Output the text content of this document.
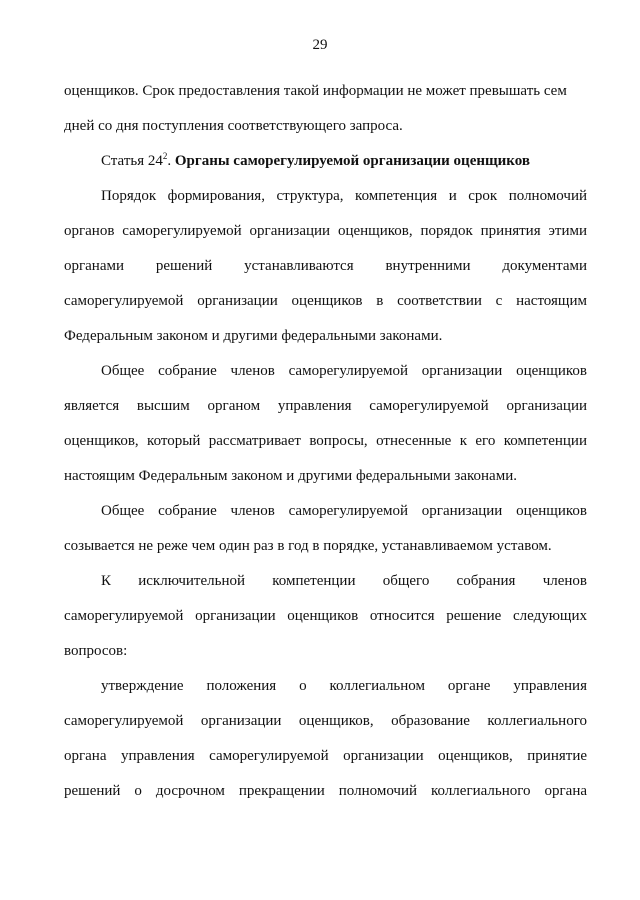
29
оценщиков. Срок предоставления такой информации не может превышать сем
дней со дня поступления соответствующего запроса.
Статья $24^2$. Органы саморегулируемой организации оценщиков
Порядок формирования, структура, компетенция и срок полномочий
органов саморегулируемой организации оценщиков, порядок принятия этими
органами решений устанавливаются внутренними документами
саморегулируемой организации оценщиков в соответствии с настоящим
Федеральным законом и другими федеральными законами.
Общее собрание членов саморегулируемой организации оценщиков
является высшим органом управления саморегулируемой организации
оценщиков, который рассматривает вопросы, отнесенные к его компетенции
настоящим Федеральным законом и другими федеральными законами.
Общее собрание членов саморегулируемой организации оценщиков
созывается не реже чем один раз в год в порядке, устанавливаемом уставом.
К исключительной компетенции общего собрания членов
саморегулируемой организации оценщиков относится решение следующих
вопросов:
утверждение положения о коллегиальном органе управления
саморегулируемой организации оценщиков, образование коллегиального
органа управления саморегулируемой организации оценщиков, принятие
решений о досрочном прекращении полномочий коллегиального органа
